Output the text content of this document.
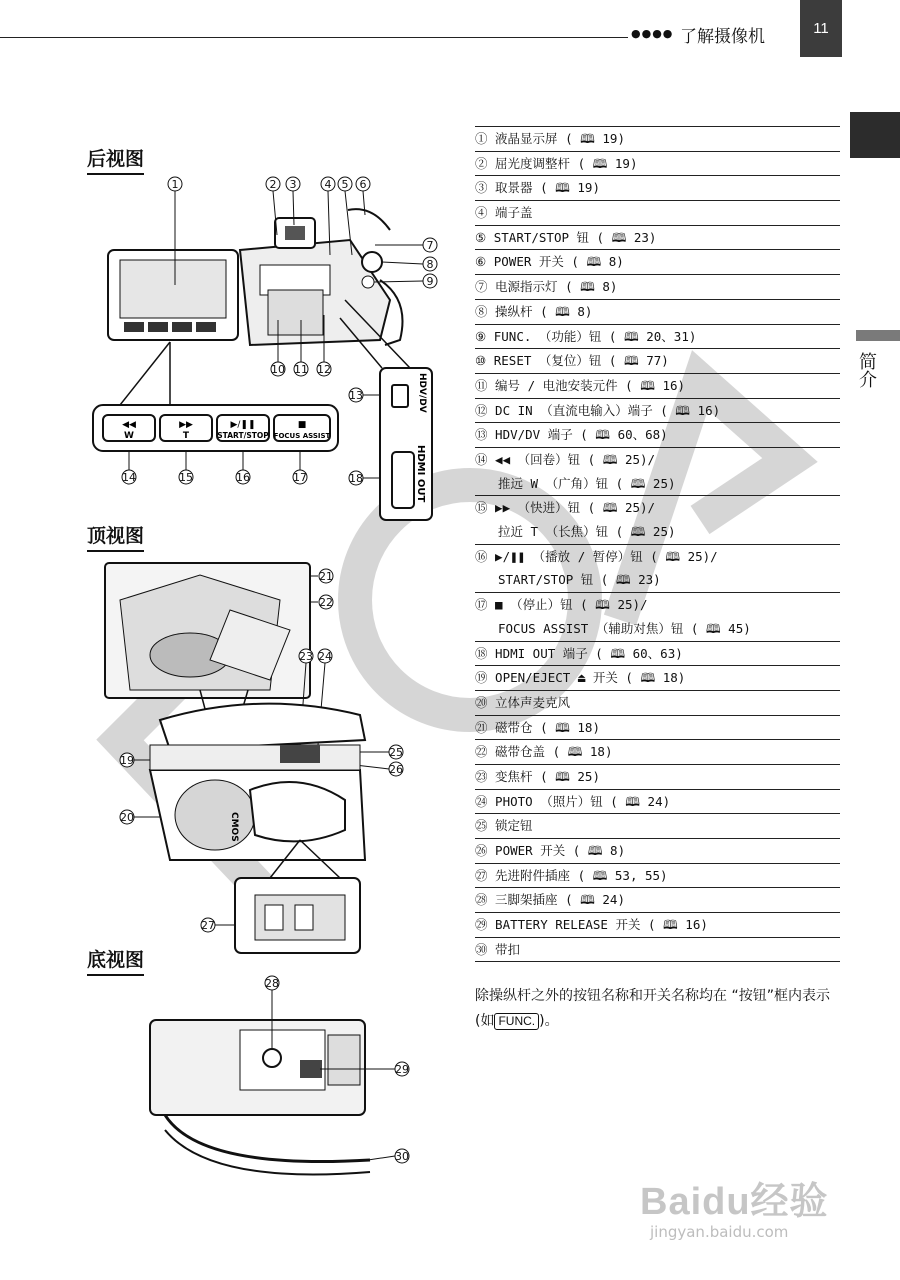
●●●● 了解摄像机	11
简介
后视图
顶视图
底视图
1	2 3	4 5 6
7
8
9
10 11 12
13
18
HDV/DV
HDMI OUT
◀◀
W
▶▶
T
▶/❚❚
START/STOP
■
FOCUS ASSIST
14	15	16	17
21
22
23 24
25
26
19
20
27
CMOS
28
29
30
① 液晶显示屏 ( 🕮 19)
② 屈光度调整杆 ( 🕮 19)
③ 取景器 ( 🕮 19)
④ 端子盖
⑤ START/STOP 钮 ( 🕮 23)
⑥ POWER 开关 ( 🕮 8)
⑦ 电源指示灯 ( 🕮 8)
⑧ 操纵杆 ( 🕮 8)
⑨ FUNC. （功能）钮 ( 🕮 20、31)
⑩ RESET （复位）钮 ( 🕮 77)
⑪ 编号 / 电池安装元件 ( 🕮 16)
⑫ DC IN （直流电输入）端子 ( 🕮 16)
⑬ HDV/DV 端子 ( 🕮 60、68)
⑭ ◀◀ （回卷）钮 ( 🕮 25)/
推远 W （广角）钮 ( 🕮 25)
⑮ ▶▶ （快进）钮 ( 🕮 25)/
拉近 T （长焦）钮 ( 🕮 25)
⑯ ▶/❚❚ （播放 / 暂停）钮 ( 🕮 25)/
START/STOP 钮 ( 🕮 23)
⑰ ■ （停止）钮 ( 🕮 25)/
FOCUS ASSIST （辅助对焦）钮 ( 🕮 45)
⑱ HDMI OUT 端子 ( 🕮 60、63)
⑲ OPEN/EJECT ⏏ 开关 ( 🕮 18)
⑳ 立体声麦克风
㉑ 磁带仓 ( 🕮 18)
㉒ 磁带仓盖 ( 🕮 18)
㉓ 变焦杆 ( 🕮 25)
㉔ PHOTO （照片）钮 ( 🕮 24)
㉕ 锁定钮
㉖ POWER 开关 ( 🕮 8)
㉗ 先进附件插座 ( 🕮 53, 55)
㉘ 三脚架插座 ( 🕮 24)
㉙ BATTERY RELEASE 开关 ( 🕮 16)
㉚ 带扣
除操纵杆之外的按钮名称和开关名称均在 “按钮”框内表示 (如 FUNC. )。
Baidu经验
jingyan.baidu.com
